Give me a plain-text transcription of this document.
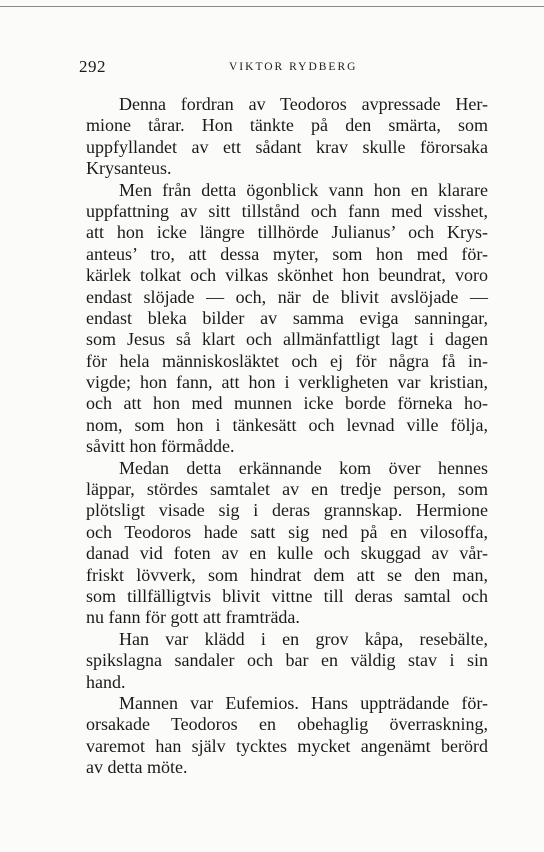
292	VIKTOR RYDBERG
Denna fordran av Teodoros avpressade Her-
mione tårar. Hon tänkte på den smärta, som
uppfyllandet av ett sådant krav skulle förorsaka
Krysanteus.
Men från detta ögonblick vann hon en klarare
uppfattning av sitt tillstånd och fann med visshet,
att hon icke längre tillhörde Julianus’ och Krys-
anteus’ tro, att dessa myter, som hon med för-
kärlek tolkat och vilkas skönhet hon beundrat, voro
endast slöjade — och, när de blivit avslöjade —
endast bleka bilder av samma eviga sanningar,
som Jesus så klart och allmänfattligt lagt i dagen
för hela människosläktet och ej för några få in-
vigde; hon fann, att hon i verkligheten var kristian,
och att hon med munnen icke borde förneka ho-
nom, som hon i tänkesätt och levnad ville följa,
såvitt hon förmådde.
Medan detta erkännande kom över hennes
läppar, stördes samtalet av en tredje person, som
plötsligt visade sig i deras grannskap. Hermione
och Teodoros hade satt sig ned på en vilosoffa,
danad vid foten av en kulle och skuggad av vår-
friskt lövverk, som hindrat dem att se den man,
som tillfälligtvis blivit vittne till deras samtal och
nu fann för gott att framträda.
Han var klädd i en grov kåpa, resebälte,
spikslagna sandaler och bar en väldig stav i sin
hand.
Mannen var Eufemios. Hans uppträdande för-
orsakade Teodoros en obehaglig överraskning,
varemot han själv tycktes mycket angenämt berörd
av detta möte.
